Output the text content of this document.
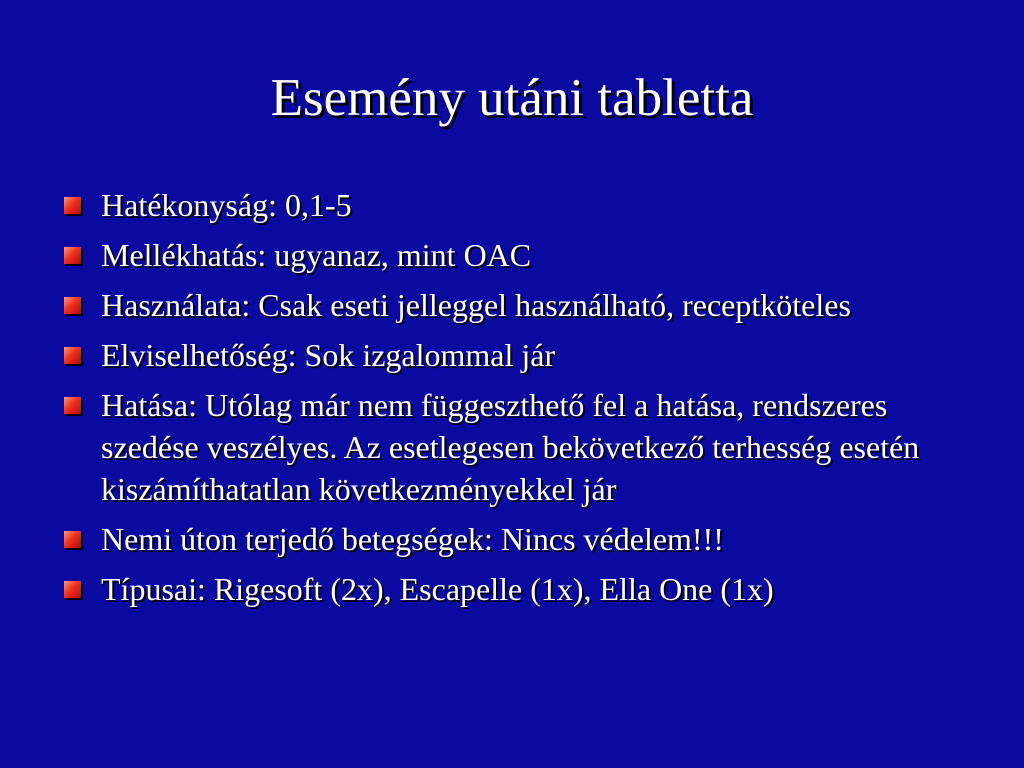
Esemény utáni tabletta
Hatékonyság: 0,1-5
Mellékhatás: ugyanaz, mint OAC
Használata: Csak eseti jelleggel használható, receptköteles
Elviselhetőség: Sok izgalommal jár
Hatása: Utólag már nem függeszthető fel a hatása, rendszeres szedése veszélyes. Az esetlegesen bekövetkező terhesség esetén kiszámíthatatlan következményekkel jár
Nemi úton terjedő betegségek: Nincs védelem!!!
Típusai: Rigesoft (2x), Escapelle (1x), Ella One (1x)
